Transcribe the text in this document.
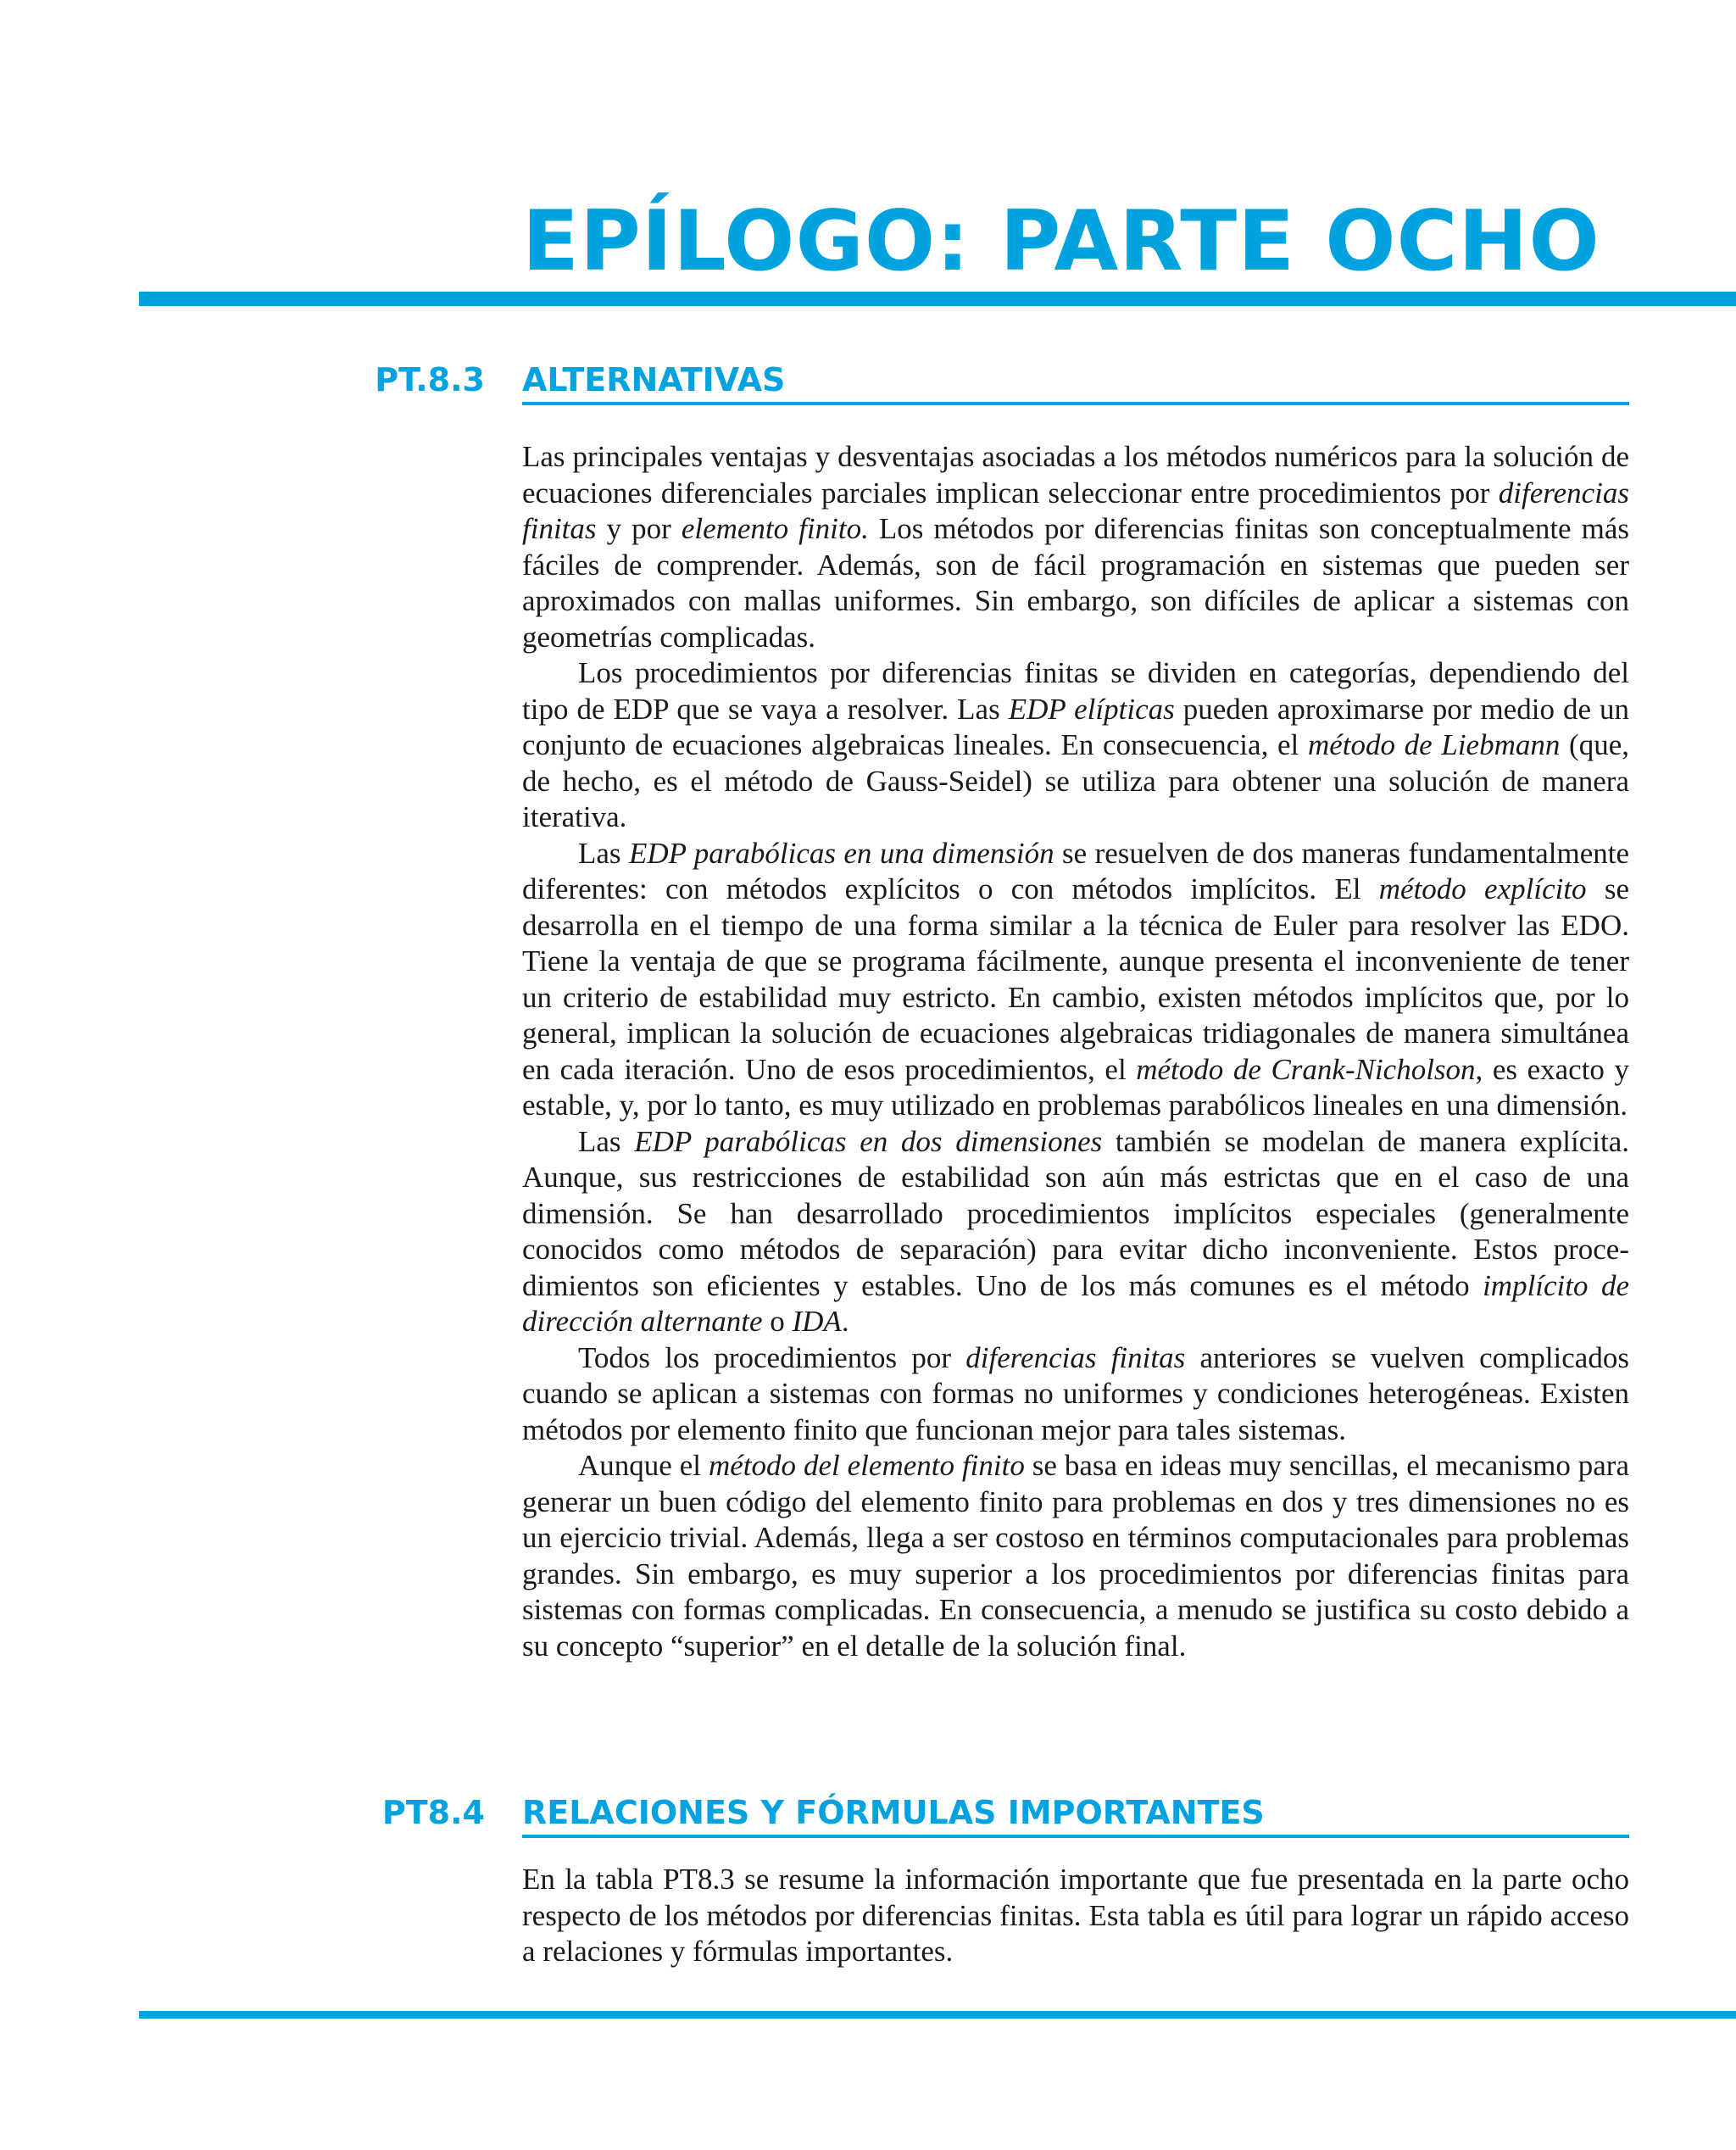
EPÍLOGO: PARTE OCHO
PT.8.3 ALTERNATIVAS

Las principales ventajas y desventajas asociadas a los métodos numéricos para la solución de ecuaciones diferenciales parciales implican seleccionar entre procedimientos por diferencias finitas y por elemento finito. Los métodos por diferencias finitas son conceptualmente más fáciles de comprender. Además, son de fácil programación en sistemas que pueden ser aproximados con mallas uniformes. Sin embargo, son difíciles de aplicar a sistemas con geometrías complicadas.

Los procedimientos por diferencias finitas se dividen en categorías, dependiendo del tipo de EDP que se vaya a resolver. Las EDP elípticas pueden aproximarse por medio de un conjunto de ecuaciones algebraicas lineales. En consecuencia, el método de Liebmann (que, de hecho, es el método de Gauss-Seidel) se utiliza para obtener una solución de manera iterativa.

Las EDP parabólicas en una dimensión se resuelven de dos maneras fundamentalmente diferentes: con métodos explícitos o con métodos implícitos. El método explícito se desarrolla en el tiempo de una forma similar a la técnica de Euler para resolver las EDO. Tiene la ventaja de que se programa fácilmente, aunque presenta el inconveniente de tener un criterio de estabilidad muy estricto. En cambio, existen métodos implícitos que, por lo general, implican la solución de ecuaciones algebraicas tridiagonales de manera simultánea en cada iteración. Uno de esos procedimientos, el método de Crank-Nicholson, es exacto y estable, y, por lo tanto, es muy utilizado en problemas parabólicos lineales en una dimensión.

Las EDP parabólicas en dos dimensiones también se modelan de manera explícita. Aunque, sus restricciones de estabilidad son aún más estrictas que en el caso de una dimensión. Se han desarrollado procedimientos implícitos especiales (generalmente conocidos como métodos de separación) para evitar dicho inconveniente. Estos procedimientos son eficientes y estables. Uno de los más comunes es el método implícito de dirección alternante o IDA.

Todos los procedimientos por diferencias finitas anteriores se vuelven complicados cuando se aplican a sistemas con formas no uniformes y condiciones heterogéneas. Existen métodos por elemento finito que funcionan mejor para tales sistemas.

Aunque el método del elemento finito se basa en ideas muy sencillas, el mecanismo para generar un buen código del elemento finito para problemas en dos y tres dimensiones no es un ejercicio trivial. Además, llega a ser costoso en términos computacionales para problemas grandes. Sin embargo, es muy superior a los procedimientos por diferencias finitas para sistemas con formas complicadas. En consecuencia, a menudo se justifica su costo debido a su concepto “superior” en el detalle de la solución final.

PT8.4 RELACIONES Y FÓRMULAS IMPORTANTES

En la tabla PT8.3 se resume la información importante que fue presentada en la parte ocho respecto de los métodos por diferencias finitas. Esta tabla es útil para lograr un rápido acceso a relaciones y fórmulas importantes.
